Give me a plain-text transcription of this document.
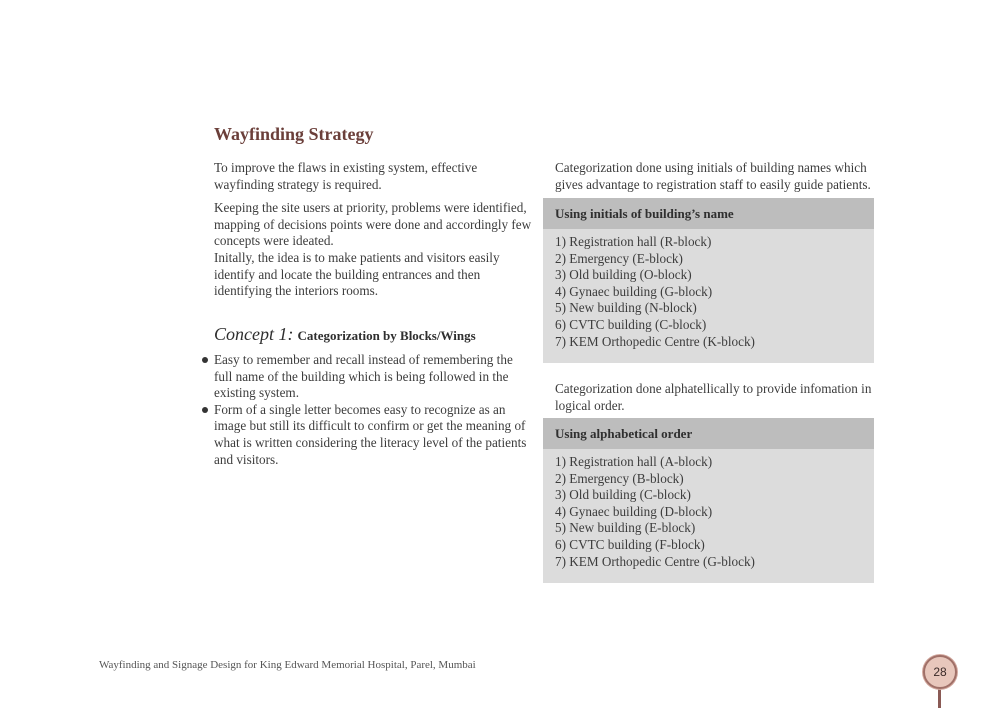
Wayfinding Strategy

To improve the flaws in existing system, effective wayfinding strategy is required.

Keeping the site users at priority, problems were identified, mapping of decisions points were done and accordingly few concepts were ideated.

Initally, the idea is to make patients and visitors easily identify and locate the building entrances and then identifying the interiors rooms.

Concept 1: Categorization by Blocks/Wings
Easy to remember and recall instead of remembering the full name of the building which is being followed in the existing system.
Form of a single letter becomes easy to recognize as an image but still its difficult to confirm or get the meaning of what is written considering the literacy level of the patients and visitors.

Categorization done using initials of building names which gives advantage to registration staff to easily guide patients.

Using initials of building’s name
1) Registration hall (R-block)
2) Emergency (E-block)
3) Old building (O-block)
4) Gynaec building (G-block)
5) New building (N-block)
6) CVTC building (C-block)
7) KEM Orthopedic Centre (K-block)

Categorization done alphatellically to provide infomation in logical order.

Using alphabetical order
1) Registration hall (A-block)
2) Emergency (B-block)
3) Old building (C-block)
4) Gynaec building (D-block)
5) New building (E-block)
6) CVTC building (F-block)
7) KEM Orthopedic Centre (G-block)

Wayfinding and Signage Design for King Edward Memorial Hospital, Parel, Mumbai	28
